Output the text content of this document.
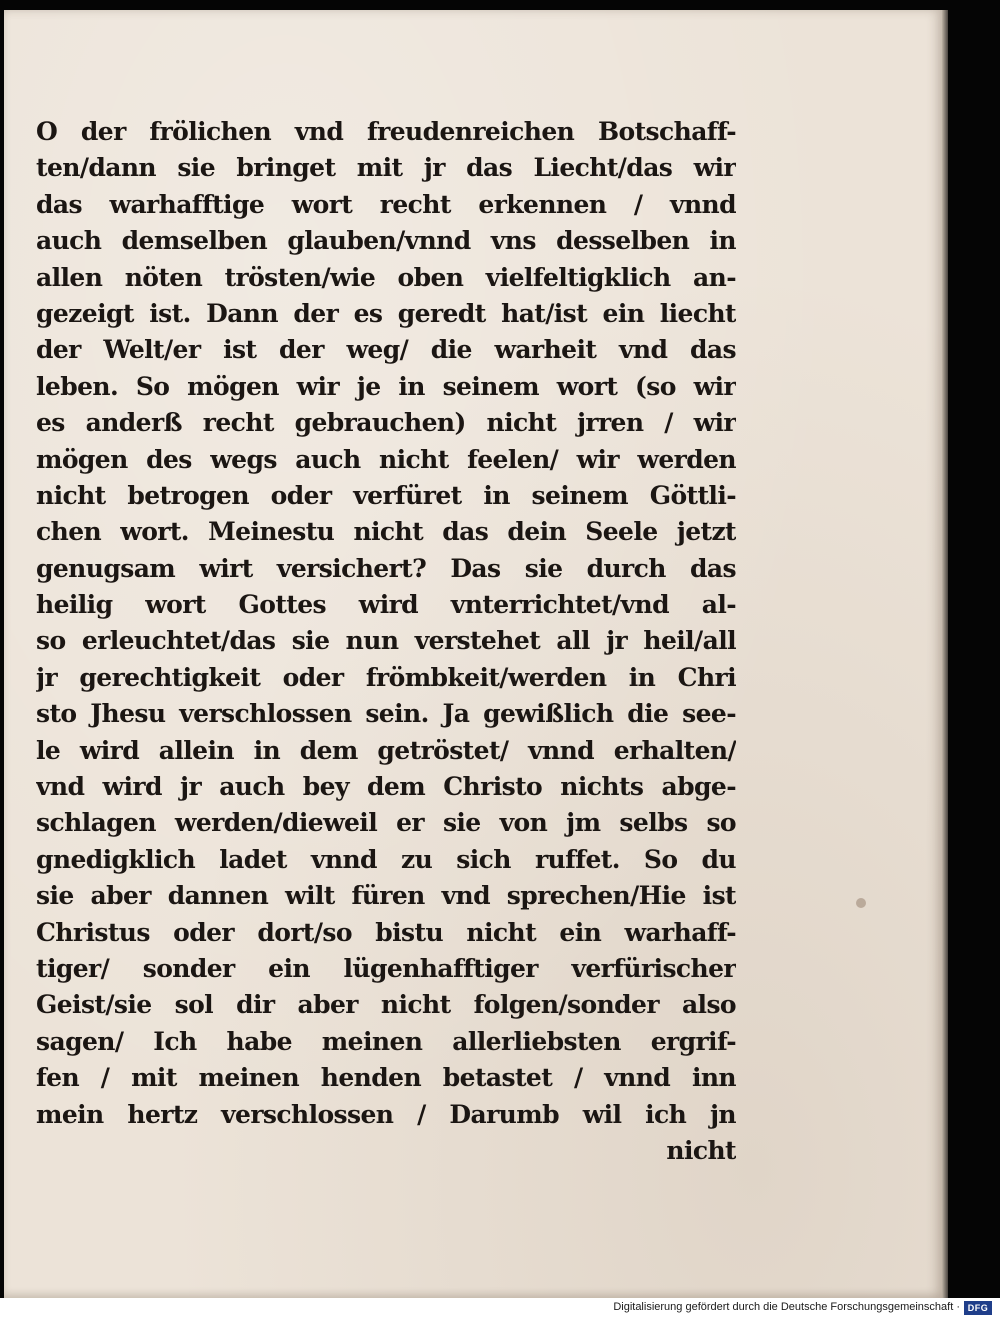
O der frölichen vnd freudenreichen Botschaff-
ten/dann sie bringet mit jr das Liecht/das wir
das warhafftige wort recht erkennen / vnnd
auch demselben glauben/vnnd vns desselben in
allen nöten trösten/wie oben vielfeltigklich an-
gezeigt ist. Dann der es geredt hat/ist ein liecht
der Welt/er ist der weg/ die warheit vnd das
leben. So mögen wir je in seinem wort (so wir
es anderß recht gebrauchen) nicht jrren / wir
mögen des wegs auch nicht feelen/ wir werden
nicht betrogen oder verfüret in seinem Göttli-
chen wort. Meinestu nicht das dein Seele jetzt
genugsam wirt versichert? Das sie durch das
heilig wort Gottes wird vnterrichtet/vnd al-
so erleuchtet/das sie nun verstehet all jr heil/all
jr gerechtigkeit oder frömbkeit/werden in Chri
sto Jhesu verschlossen sein. Ja gewißlich die see-
le wird allein in dem getröstet/ vnnd erhalten/
vnd wird jr auch bey dem Christo nichts abge-
schlagen werden/dieweil er sie von jm selbs so
gnedigklich ladet vnnd zu sich ruffet. So du
sie aber dannen wilt füren vnd sprechen/Hie ist
Christus oder dort/so bistu nicht ein warhaff-
tiger/ sonder ein lügenhafftiger verfürischer
Geist/sie sol dir aber nicht folgen/sonder also
sagen/ Ich habe meinen allerliebsten ergrif-
fen / mit meinen henden betastet / vnnd inn
mein hertz verschlossen / Darumb wil ich jn
nicht
Digitalisierung gefördert durch die Deutsche Forschungsgemeinschaft · DFG
